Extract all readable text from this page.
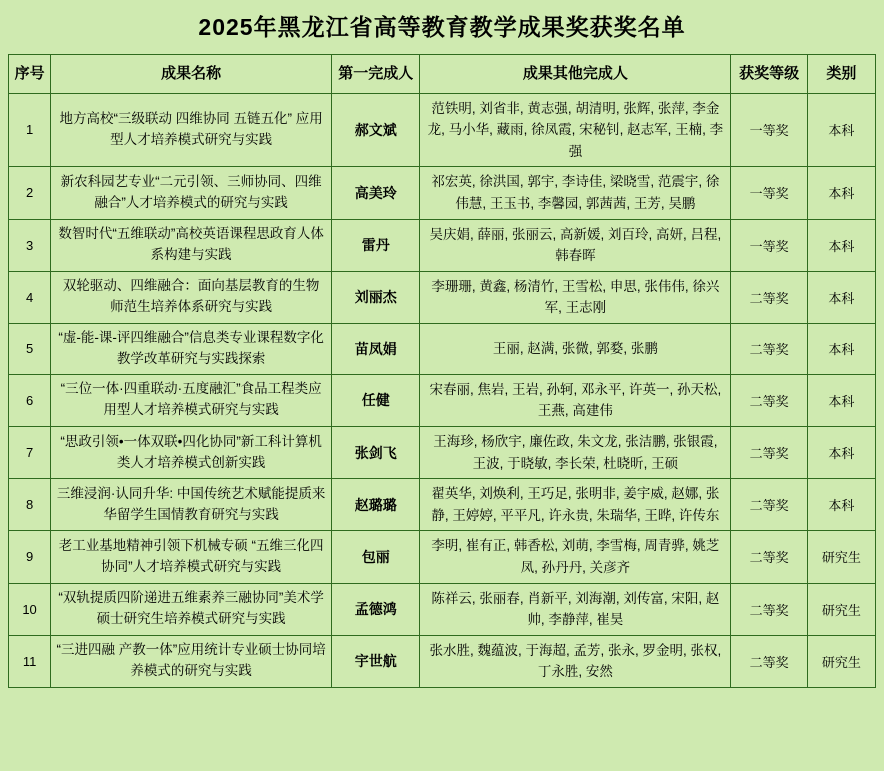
2025年黑龙江省高等教育教学成果奖获奖名单
序号	成果名称	第一完成人	成果其他完成人	获奖等级	类别
1	地方高校“三级联动 四维协同 五链五化” 应用型人才培养模式研究与实践	郝文斌	范铁明, 刘省非, 黄志强, 胡清明, 张辉, 张萍, 李金龙, 马小华, 藏雨, 徐凤霞, 宋秘钊, 赵志军, 王楠, 李强	一等奖	本科
2	新农科园艺专业“二元引领、三师协同、四维融合”人才培养模式的研究与实践	高美玲	祁宏英, 徐洪国, 郭宇, 李诗佳, 梁晓雪, 范震宇, 徐伟慧, 王玉书, 李馨园, 郭茜茜, 王芳, 吴鹏	一等奖	本科
3	数智时代“五维联动”高校英语课程思政育人体系构建与实践	雷丹	吴庆娟, 薛丽, 张丽云, 高新媛, 刘百玲, 高妍, 吕程, 韩春晖	一等奖	本科
4	双轮驱动、四维融合：面向基层教育的生物师范生培养体系研究与实践	刘丽杰	李珊珊, 黄鑫, 杨清竹, 王雪松, 申思, 张伟伟, 徐兴军, 王志刚	二等奖	本科
5	“虚-能-课-评四维融合”信息类专业课程数字化教学改革研究与实践探索	苗凤娟	王丽, 赵满, 张微, 郭婺, 张鹏	二等奖	本科
6	“三位一体·四重联动·五度融汇”食品工程类应用型人才培养模式研究与实践	任健	宋春丽, 焦岩, 王岩, 孙轲, 邓永平, 许英一, 孙天松, 王燕, 高建伟	二等奖	本科
7	“思政引领•一体双联•四化协同”新工科计算机类人才培养模式创新实践	张剑飞	王海珍, 杨欣宇, 廉佐政, 朱文龙, 张洁鹏, 张银霞, 王波, 于晓敏, 李长荣, 杜晓昕, 王硕	二等奖	本科
8	三维浸润·认同升华: 中国传统艺术赋能提质来华留学生国情教育研究与实践	赵璐璐	翟英华, 刘焕利, 王巧足, 张明非, 姜宇威, 赵娜, 张静, 王婷婷, 平平凡, 许永贵, 朱瑞华, 王晔, 许传东	二等奖	本科
9	老工业基地精神引领下机械专硕 “五维三化四协同”人才培养模式研究与实践	包丽	李明, 崔有正, 韩香松, 刘萌, 李雪梅, 周青骅, 姚芝凤, 孙丹丹, 关彦齐	二等奖	研究生
10	“双轨提质四阶递进五维素养三融协同”美术学硕士研究生培养模式研究与实践	孟德鸿	陈祥云, 张丽春, 肖新平, 刘海潮, 刘传富, 宋阳, 赵帅, 李静萍, 崔昊	二等奖	研究生
11	“三进四融 产教一体”应用统计专业硕士协同培养模式的研究与实践	宇世航	张水胜, 魏蕴波, 于海超, 孟芳, 张永, 罗金明, 张权, 丁永胜, 安然	二等奖	研究生
